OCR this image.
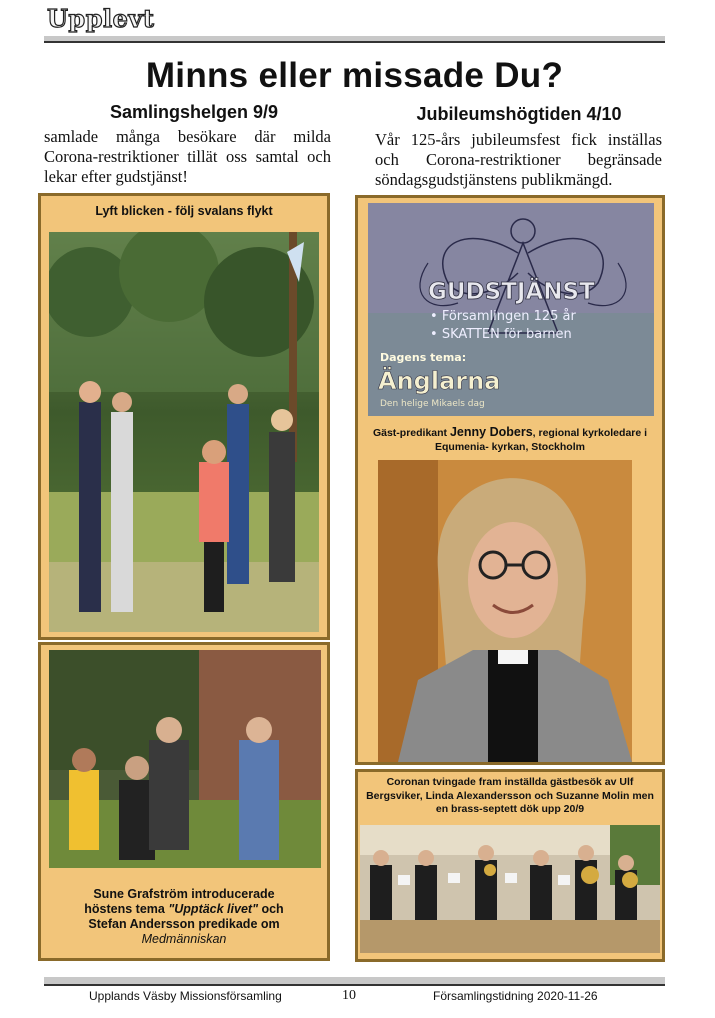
Upplevt
Minns eller missade Du?
Samlingshelgen 9/9
samlade många besökare där milda Corona-restriktioner tillät oss samtal och lekar efter gudstjänst!
Jubileumshögtiden 4/10
Vår 125-års jubileumsfest fick inställas och Corona-restriktioner begränsade söndagsgudstjänstens publikmängd.
Lyft blicken - följ svalans flykt
Sune Grafström introducerade
höstens tema "Upptäck livet" och
Stefan Andersson predikade om
Medmänniskan
GUDSTJÄNST
• Församlingen 125 år
• SKATTEN för barnen
Dagens tema:
Änglarna
Den helige Mikaels dag
Gäst-predikant Jenny Dobers, regional kyrkoledare i Equmenia- kyrkan, Stockholm
Coronan tvingade fram inställda gästbesök av Ulf Bergsviker, Linda Alexandersson och Suzanne Molin men en brass-septett dök upp 20/9
Upplands Väsby Missionsförsamling	10	Församlingstidning 2020-11-26
